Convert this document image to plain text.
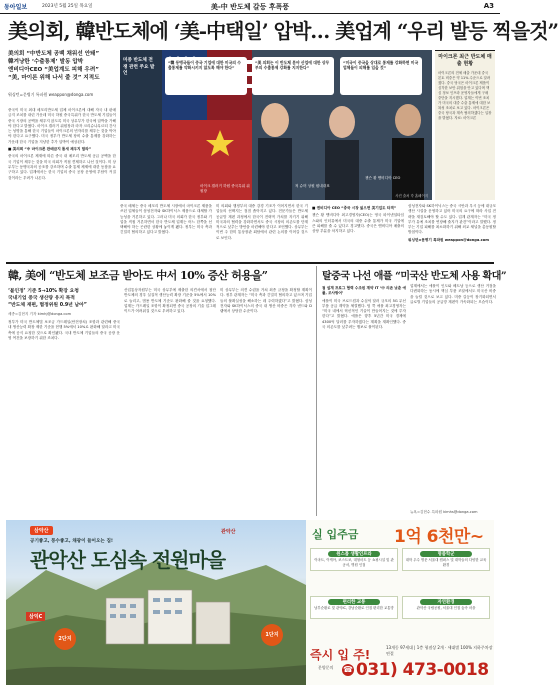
동아일보	2023년 5월 25일 목요일	美-中 반도체 갈등 후폭풍	A3
美의회, 韓반도체에 ‘美-中택일’ 압박… 美업계 “우리 발등 찍을것”
美의회 “中반도체 공백 채워선 안돼”
韓겨냥한 ‘수출통제’ 발동 압박
엔비디아CEO “美업계도 피해 우려”
“美, 마이론 위해 나서 줄 것” 지적도
워싱턴=문병기 특파원 weappon@donga.com
중국이 미국 최대 메모리반도체 업체 마이크론에 대해 자국 내 판매 금지 조치를 내린 가운데 미국 하원 중국특위가 한국 반도체 기업들이 중국 시장의 공백을 채우지 않도록 미국 상무부가 한국에 압박을 가해야 한다고 밝혔다. 마이크 갤러거 위원장과 라자 크리슈나무르티 간사는 성명을 통해 한국 기업들이 마이크론의 빈자리를 채우는 것을 막아야 한다고 요구했다. 미국 정부가 반도체 장비 수출 통제를 강화하는 가운데 한국 기업을 겨냥한 추가 압박이 예상된다.
■ 美의회 “中 마이크론 판매금지 틈새 채우지 말라”
중국의 마이크론 제재에 따른 중국 내 메모리 반도체 공급 공백을 한국 기업이 채우는 것을 미국 의회가 직접 견제하고 나선 것이다. 미 상무부는 동맹국과의 공조를 강조하며 수출 통제 체제에 대한 동참을 요구하고 있다. 업계에서는 한국 기업의 중국 공장 운영에 부담이 커질 것이라는 우려가 나온다.
미중 반도체 전쟁 관련 주요 발언
“韓 동맹국들이 중국 기업에 대한 미국의 수출통제를 약화시키지 않도록 해야 한다”
“美 의회는 이 반도체 분야 산업에 대한 상무부의 수출통제 강화를 지지한다”
“미국이 중국을 상대로 통제를 강화하면 미국 업체들이 피해를 입을 것”
마이크 갤러거 하원 중국특위 위원장
척 슈머 상원 원내대표
젠슨 황 엔비디아 CEO
사진 출처 각 홈페이지
마이크론 최근 반도체 매출 현황
마이크론의 전체 매출 가운데 중국 본토 비중은 약 11% 수준으로 알려졌다. 중국 당국은 마이크론 제품이 심각한 보안 위험을 안고 있다며 핵심 정보 인프라 운영자들에게 구매 중단을 지시했다. 업계는 이번 조치가 미국의 대중 수출 통제에 대한 보복성 조치로 보고 있다. 마이크론은 중국 당국과 계속 협의하겠다는 입장을 밝혔다. 자료: 마이크론
중국 매체는 중국 메모리 반도체 시장에서 마이크론 제품을 쓰던 업체들이 삼성전자와 SK하이닉스 제품으로 대체할 가능성을 거론하고 있다. 그러나 미국 의회가 한국 정부와 기업을 직접 거론하면서 한국 반도체 업계는 어느 한쪽을 선택해야 하는 곤란한 상황에 놓이게 됐다. 정부는 미국 측과 긴밀히 협의하고 있다고 밝혔다.
미 의회와 행정부의 대중 강경 기조가 이어지면서 한국 기업들의 선택지는 점점 좁아지고 있다. 전문가들은 반도체 공급망 재편 과정에서 한국이 전략적 가치를 지키기 위해 미국과의 협력을 강화하면서도 중국 시장의 의존도를 단계적으로 낮추는 방안을 마련해야 한다고 조언했다. 상무부는 이번 주 한미 통상장관 회담에서 관련 논의를 이어갈 것으로 보인다.
■ 엔비디아 CEO “중국 시장 잃으면 美기업도 타격”
젠슨 황 엔비디아 최고경영자(CEO)는 영국 파이낸셜타임스와의 인터뷰에서 미국의 대중 수출 통제가 미국 기업에 큰 피해를 줄 수 있다고 경고했다. 중국은 엔비디아 매출의 상당 부분을 차지하고 있다.
삼성전자와 SK하이닉스는 중국 시안과 우시 등에 대규모 생산 시설을 운영하고 있어 미국의 요구에 따라 사업 전략을 재검토해야 할 수도 있다. 업계 관계자는 “미국 정부가 유예 조치를 연장해 줄지가 관건”이라고 말했다. 정부는 기업 피해를 최소화하기 위해 외교 채널을 총동원할 방침이다.
워싱턴=문병기 특파원 weappon@donga.com
韓, 美에 “반도체 보조금 받아도 中서 10% 증산 허용을”
‘불인정’ 기준 5→10% 확장 요청
국내기업 중국 생산량 유지 목적
“반도체 재편, 협정위원 0.9년 남아”
세종=김현지 기자 kimhj@donga.com
정부가 미국 반도체법 보조금 가드레일(안전장치) 조항과 관련해 중국 내 생산능력 확장 제한 기준을 현행 5%에서 10%로 완화해 달라고 미국 측에 공식 요청한 것으로 확인됐다. 국내 반도체 기업들의 중국 공장 운영 여건을 보장하기 위한 조치다.
산업통상자원부는 미국 상무부에 제출한 의견서에서 첨단 반도체의 경우 실질적 생산능력 확장 기준을 5%에서 10%로 늘리고, 범용 반도체 기준도 완화해 줄 것을 요청했다. 업계는 가드레일 조항이 확정되면 중국 공장의 기술 업그레이드가 어려워질 것으로 우려하고 있다.
미 상무부는 의견 수렴을 거쳐 최종 규정을 확정할 계획이다. 정부 관계자는 “미국 측과 긴밀히 협의하고 있으며 기업들의 불확실성을 해소하는 데 주력하겠다”고 밝혔다. 삼성전자와 SK하이닉스의 중국 내 생산 비중은 각각 낸드와 D램에서 상당한 수준이다.
탈중국 나선 애플 “미국산 반도체 사용 확대”
첨 설계 프로그 협력 수조원 계약 IT ‘中 의존 낮춘 애플, 조사방어’
애플이 미국 브로드컴과 수십억 달러 규모의 5G 무선 부품 공급 계약을 체결했다. 팀 쿡 애플 최고경영자는 “미국 내에서 혁신적인 기술이 만들어지는 것에 투자한다”고 밝혔다. 애플은 향후 5년간 미국 경제에 4300억 달러를 투자하겠다는 계획을 재확인했다. 중국 의존도를 낮추려는 행보로 풀이된다.
업계에서는 애플이 인도와 베트남 등으로 생산 거점을 다변화하는 동시에 핵심 부품 조달에서도 미국산 비중을 늘릴 것으로 보고 있다. 미중 갈등이 장기화되면서 글로벌 기업들의 공급망 재편이 가속화되는 모습이다.
뉴욕=김현수 특파원 kimhs@donga.com
삼악산
공기좋고, 풍수좋고, 채광이 들어오는 집!
관악산 도심속 전원마을
관악산
삼익C
2단지
1단지
실 입주금 1억 6천만~
원스톱 생활인프라
이마트, 이케아, 코스트코, 대형마트 등 쇼핑시설 및 관공서, 병원 인접
명품학군
대학 우수 명문 서울대 캠퍼스 및 대학들의 다양한 교육환경
편리한 교통
남부순환로 및 관악IC, 강남순환로 인접 편리한 교통망
자연환경
관악산 국립공원, 서울대 인접 숲속 마을
즉시 입 주!
13개동 97세대 | 1층 형점상 2개 · 세대별 100% 지하주차장 연결
분양문의 ☎ 031) 473-0018
